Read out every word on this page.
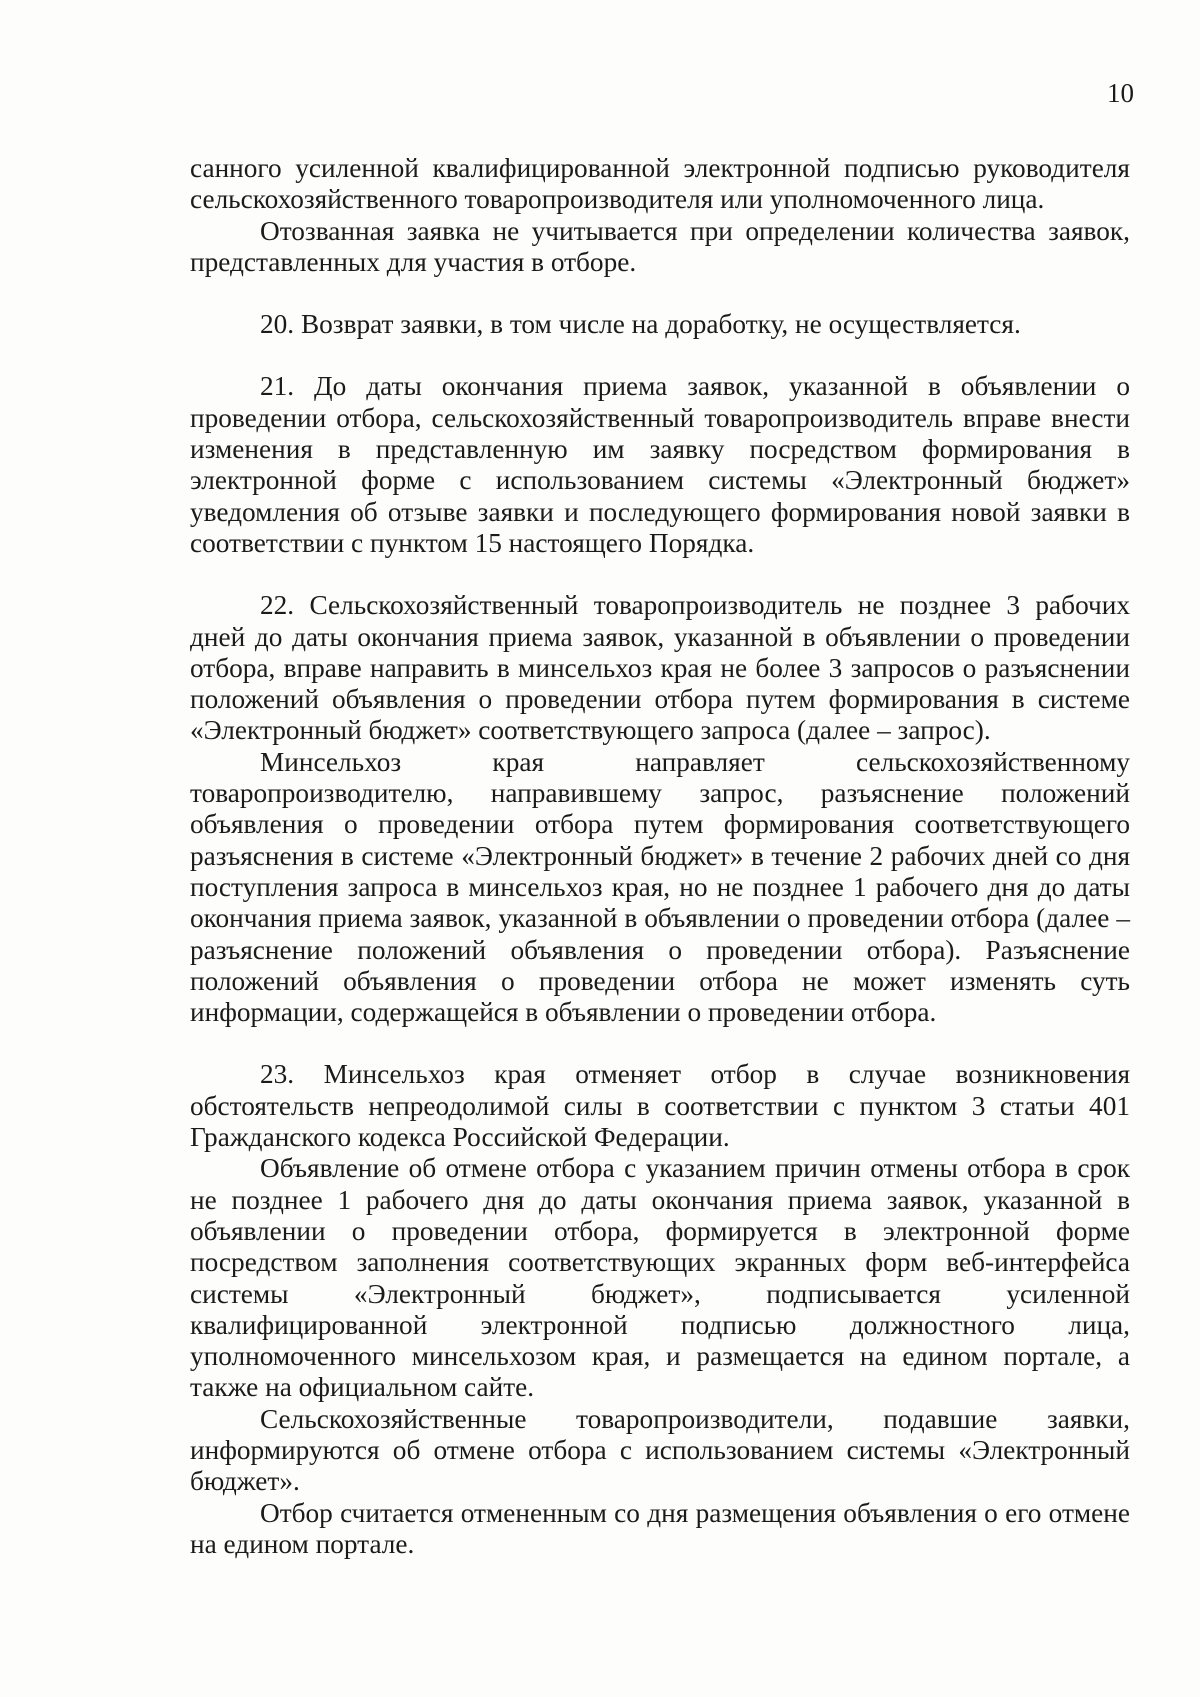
10

санного усиленной квалифицированной электронной подписью руководителя сельскохозяйственного товаропроизводителя или уполномоченного лица.

Отозванная заявка не учитывается при определении количества заявок, представленных для участия в отборе.

20. Возврат заявки, в том числе на доработку, не осуществляется.

21. До даты окончания приема заявок, указанной в объявлении о проведении отбора, сельскохозяйственный товаропроизводитель вправе внести изменения в представленную им заявку посредством формирования в электронной форме с использованием системы «Электронный бюджет» уведомления об отзыве заявки и последующего формирования новой заявки в соответствии с пунктом 15 настоящего Порядка.

22. Сельскохозяйственный товаропроизводитель не позднее 3 рабочих дней до даты окончания приема заявок, указанной в объявлении о проведении отбора, вправе направить в минсельхоз края не более 3 запросов о разъяснении положений объявления о проведении отбора путем формирования в системе «Электронный бюджет» соответствующего запроса (далее – запрос).

Минсельхоз края направляет сельскохозяйственному товаропроизводителю, направившему запрос, разъяснение положений объявления о проведении отбора путем формирования соответствующего разъяснения в системе «Электронный бюджет» в течение 2 рабочих дней со дня поступления запроса в минсельхоз края, но не позднее 1 рабочего дня до даты окончания приема заявок, указанной в объявлении о проведении отбора (далее – разъяснение положений объявления о проведении отбора). Разъяснение положений объявления о проведении отбора не может изменять суть информации, содержащейся в объявлении о проведении отбора.

23. Минсельхоз края отменяет отбор в случае возникновения обстоятельств непреодолимой силы в соответствии с пунктом 3 статьи 401 Гражданского кодекса Российской Федерации.

Объявление об отмене отбора с указанием причин отмены отбора в срок не позднее 1 рабочего дня до даты окончания приема заявок, указанной в объявлении о проведении отбора, формируется в электронной форме посредством заполнения соответствующих экранных форм веб-интерфейса системы «Электронный бюджет», подписывается усиленной квалифицированной электронной подписью должностного лица, уполномоченного минсельхозом края, и размещается на едином портале, а также на официальном сайте.

Сельскохозяйственные товаропроизводители, подавшие заявки, информируются об отмене отбора с использованием системы «Электронный бюджет».

Отбор считается отмененным со дня размещения объявления о его отмене на едином портале.
